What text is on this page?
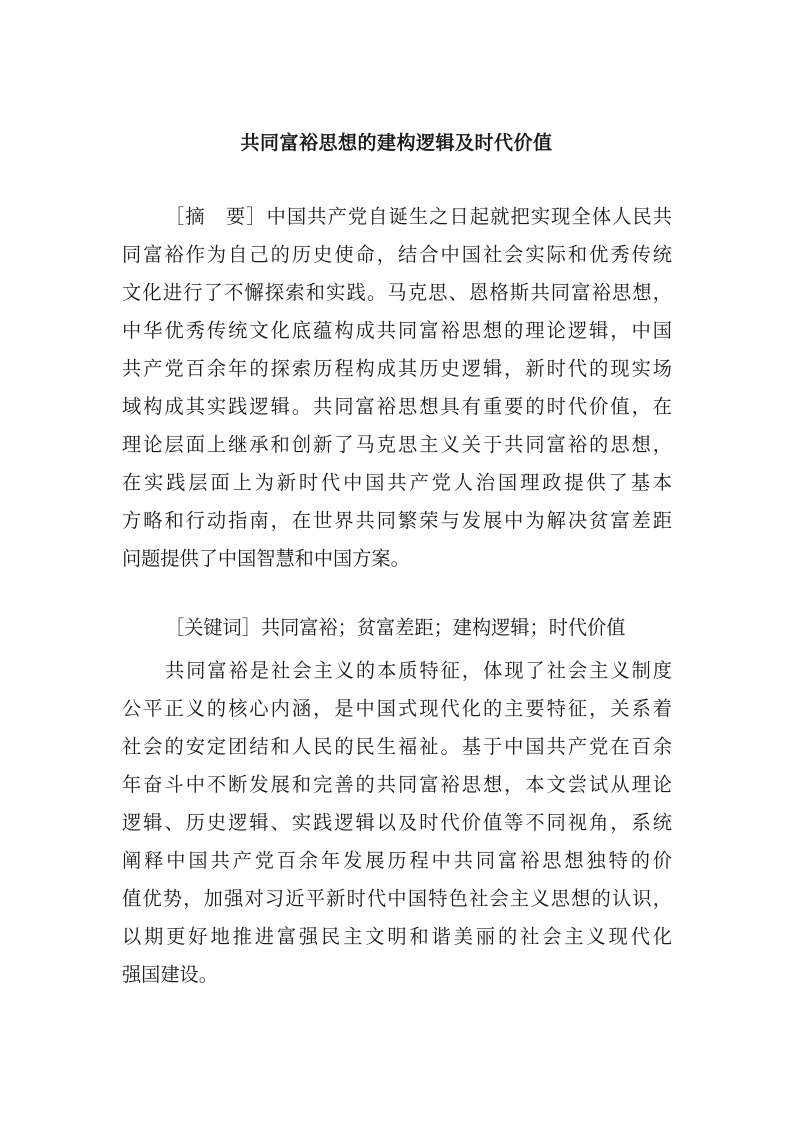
共同富裕思想的建构逻辑及时代价值

［摘　要］中国共产党自诞生之日起就把实现全体人民共

同富裕作为自己的历史使命，结合中国社会实际和优秀传统

文化进行了不懈探索和实践。马克思、恩格斯共同富裕思想，

中华优秀传统文化底蕴构成共同富裕思想的理论逻辑，中国

共产党百余年的探索历程构成其历史逻辑，新时代的现实场

域构成其实践逻辑。共同富裕思想具有重要的时代价值，在

理论层面上继承和创新了马克思主义关于共同富裕的思想，

在实践层面上为新时代中国共产党人治国理政提供了基本

方略和行动指南，在世界共同繁荣与发展中为解决贫富差距

问题提供了中国智慧和中国方案。

［关键词］共同富裕；贫富差距；建构逻辑；时代价值

共同富裕是社会主义的本质特征，体现了社会主义制度

公平正义的核心内涵，是中国式现代化的主要特征，关系着

社会的安定团结和人民的民生福祉。基于中国共产党在百余

年奋斗中不断发展和完善的共同富裕思想，本文尝试从理论

逻辑、历史逻辑、实践逻辑以及时代价值等不同视角，系统

阐释中国共产党百余年发展历程中共同富裕思想独特的价

值优势，加强对习近平新时代中国特色社会主义思想的认识，

以期更好地推进富强民主文明和谐美丽的社会主义现代化

强国建设。
